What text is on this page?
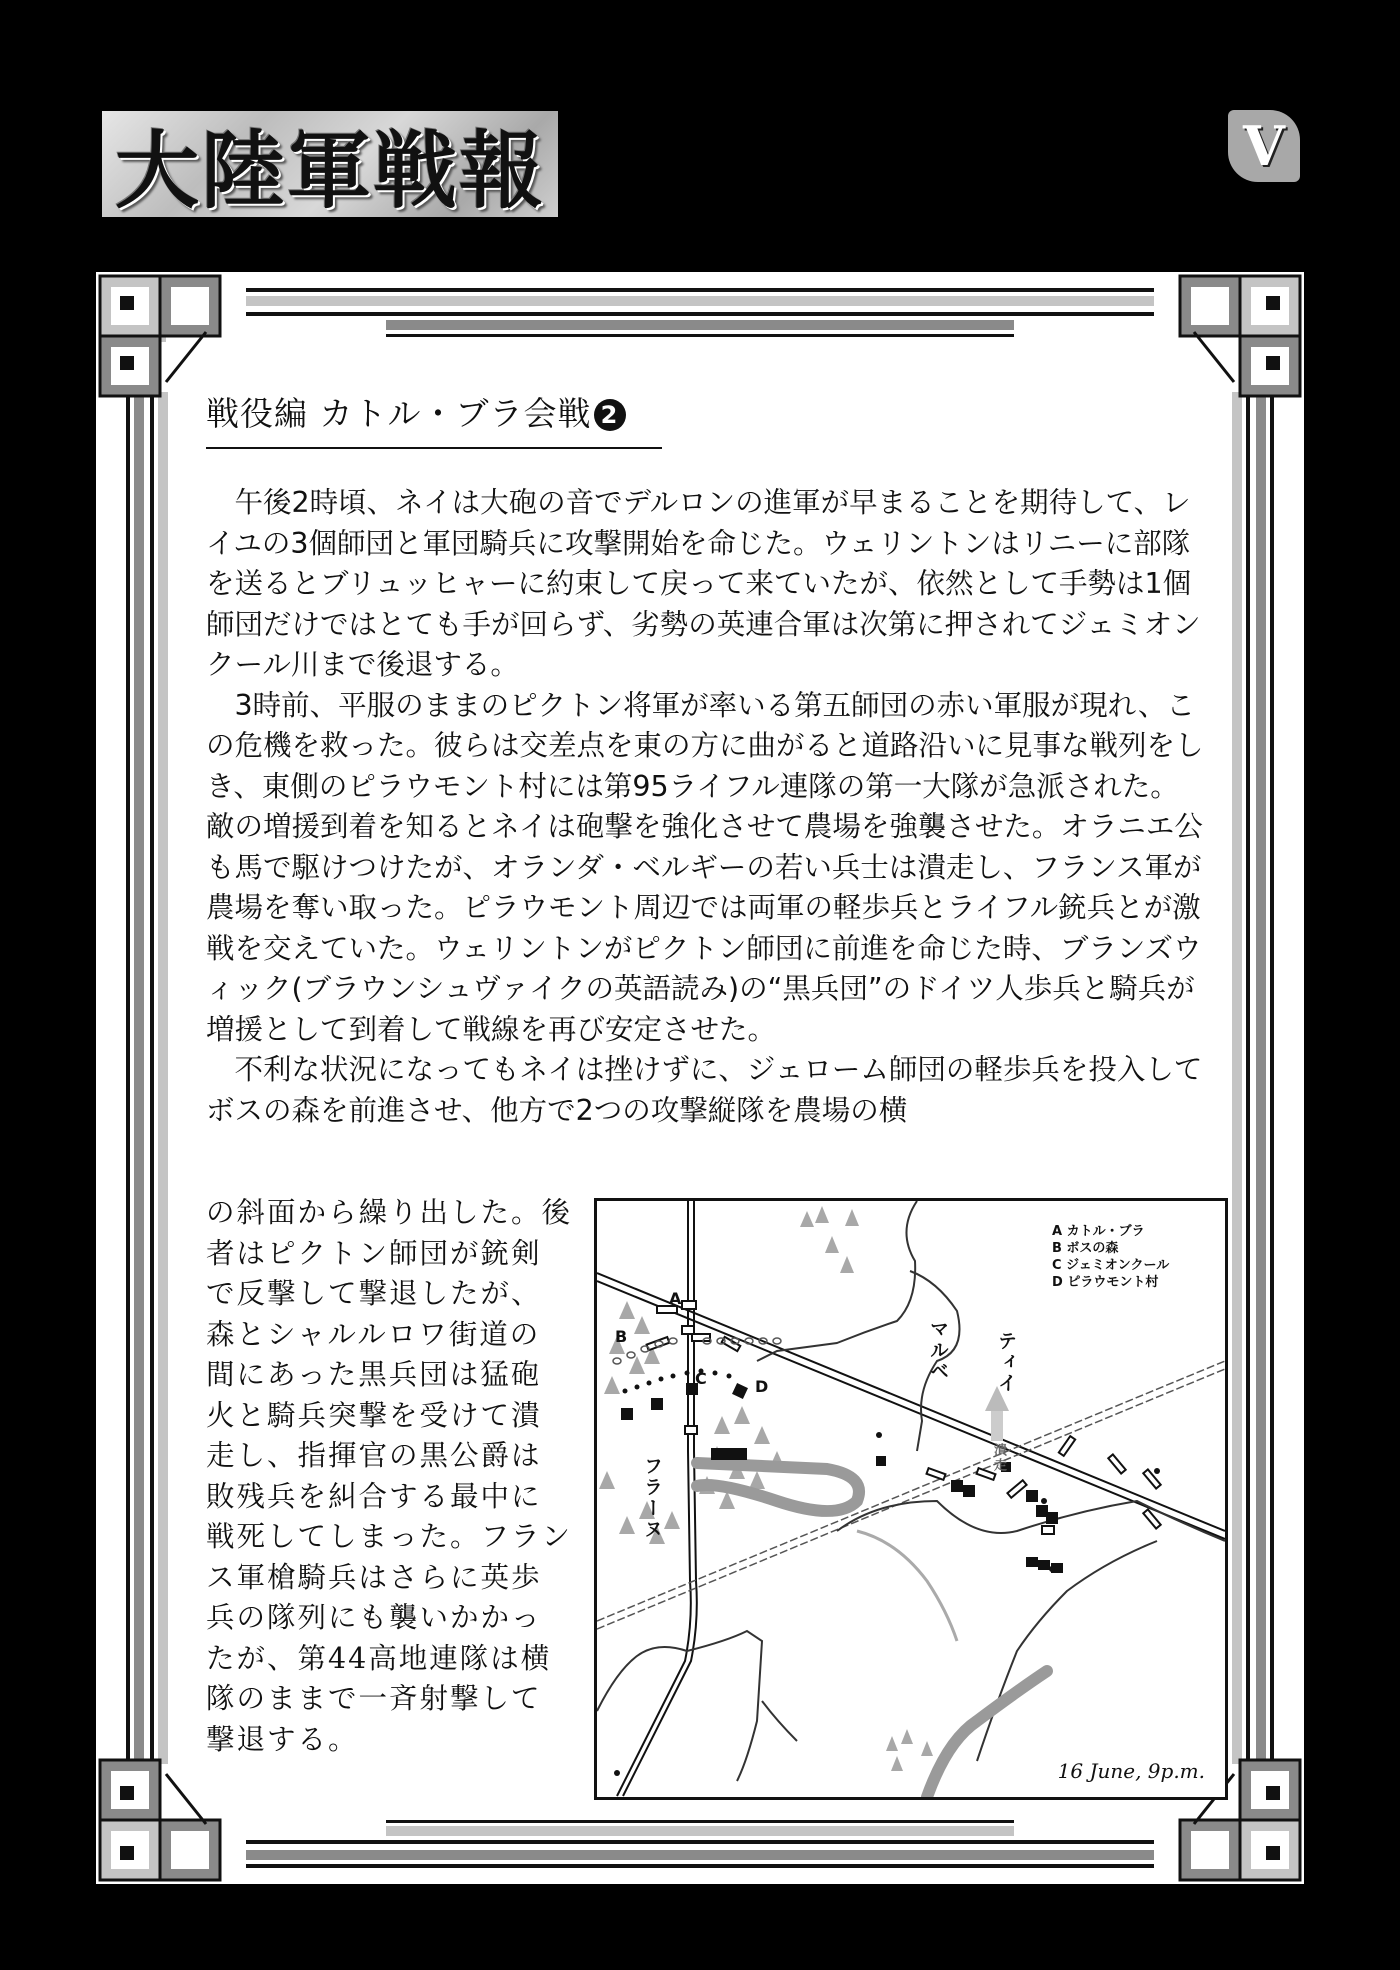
大陸軍戦報	V
戦役編 カトル・ブラ会戦 2

午後2時頃、ネイは大砲の音でデルロンの進軍が早まることを期待して、レイユの3個師団と軍団騎兵に攻撃開始を命じた。ウェリントンはリニーに部隊を送るとブリュッヒャーに約束して戻って来ていたが、依然として手勢は1個師団だけではとても手が回らず、劣勢の英連合軍は次第に押されてジェミオンクール川まで後退する。

3時前、平服のままのピクトン将軍が率いる第五師団の赤い軍服が現れ、この危機を救った。彼らは交差点を東の方に曲がると道路沿いに見事な戦列をしき、東側のピラウモント村には第95ライフル連隊の第一大隊が急派された。敵の増援到着を知るとネイは砲撃を強化させて農場を強襲させた。オラニエ公も馬で駆けつけたが、オランダ・ベルギーの若い兵士は潰走し、フランス軍が農場を奪い取った。ピラウモント周辺では両軍の軽歩兵とライフル銃兵とが激戦を交えていた。ウェリントンがピクトン師団に前進を命じた時、ブランズウィック(ブラウンシュヴァイクの英語読み)の“黒兵団”のドイツ人歩兵と騎兵が増援として到着して戦線を再び安定させた。

不利な状況になってもネイは挫けずに、ジェローム師団の軽歩兵を投入してボスの森を前進させ、他方で2つの攻撃縦隊を農場の横

の斜面から繰り出した。後
者はピクトン師団が銃剣
で反撃して撃退したが、
森とシャルルロワ街道の
間にあった黒兵団は猛砲
火と騎兵突撃を受けて潰
走し、指揮官の黒公爵は
敗残兵を糾合する最中に
戦死してしまった。フラン
ス軍槍騎兵はさらに英歩
兵の隊列にも襲いかかっ
たが、第44高地連隊は横
隊のままで一斉射撃して
撃退する。
A
B
C	D
フラーヌ
マルベ ティイ
潰走
A カトル・ブラ
B ボスの森
C ジェミオンクール
D ピラウモント村
16 June, 9p.m.
